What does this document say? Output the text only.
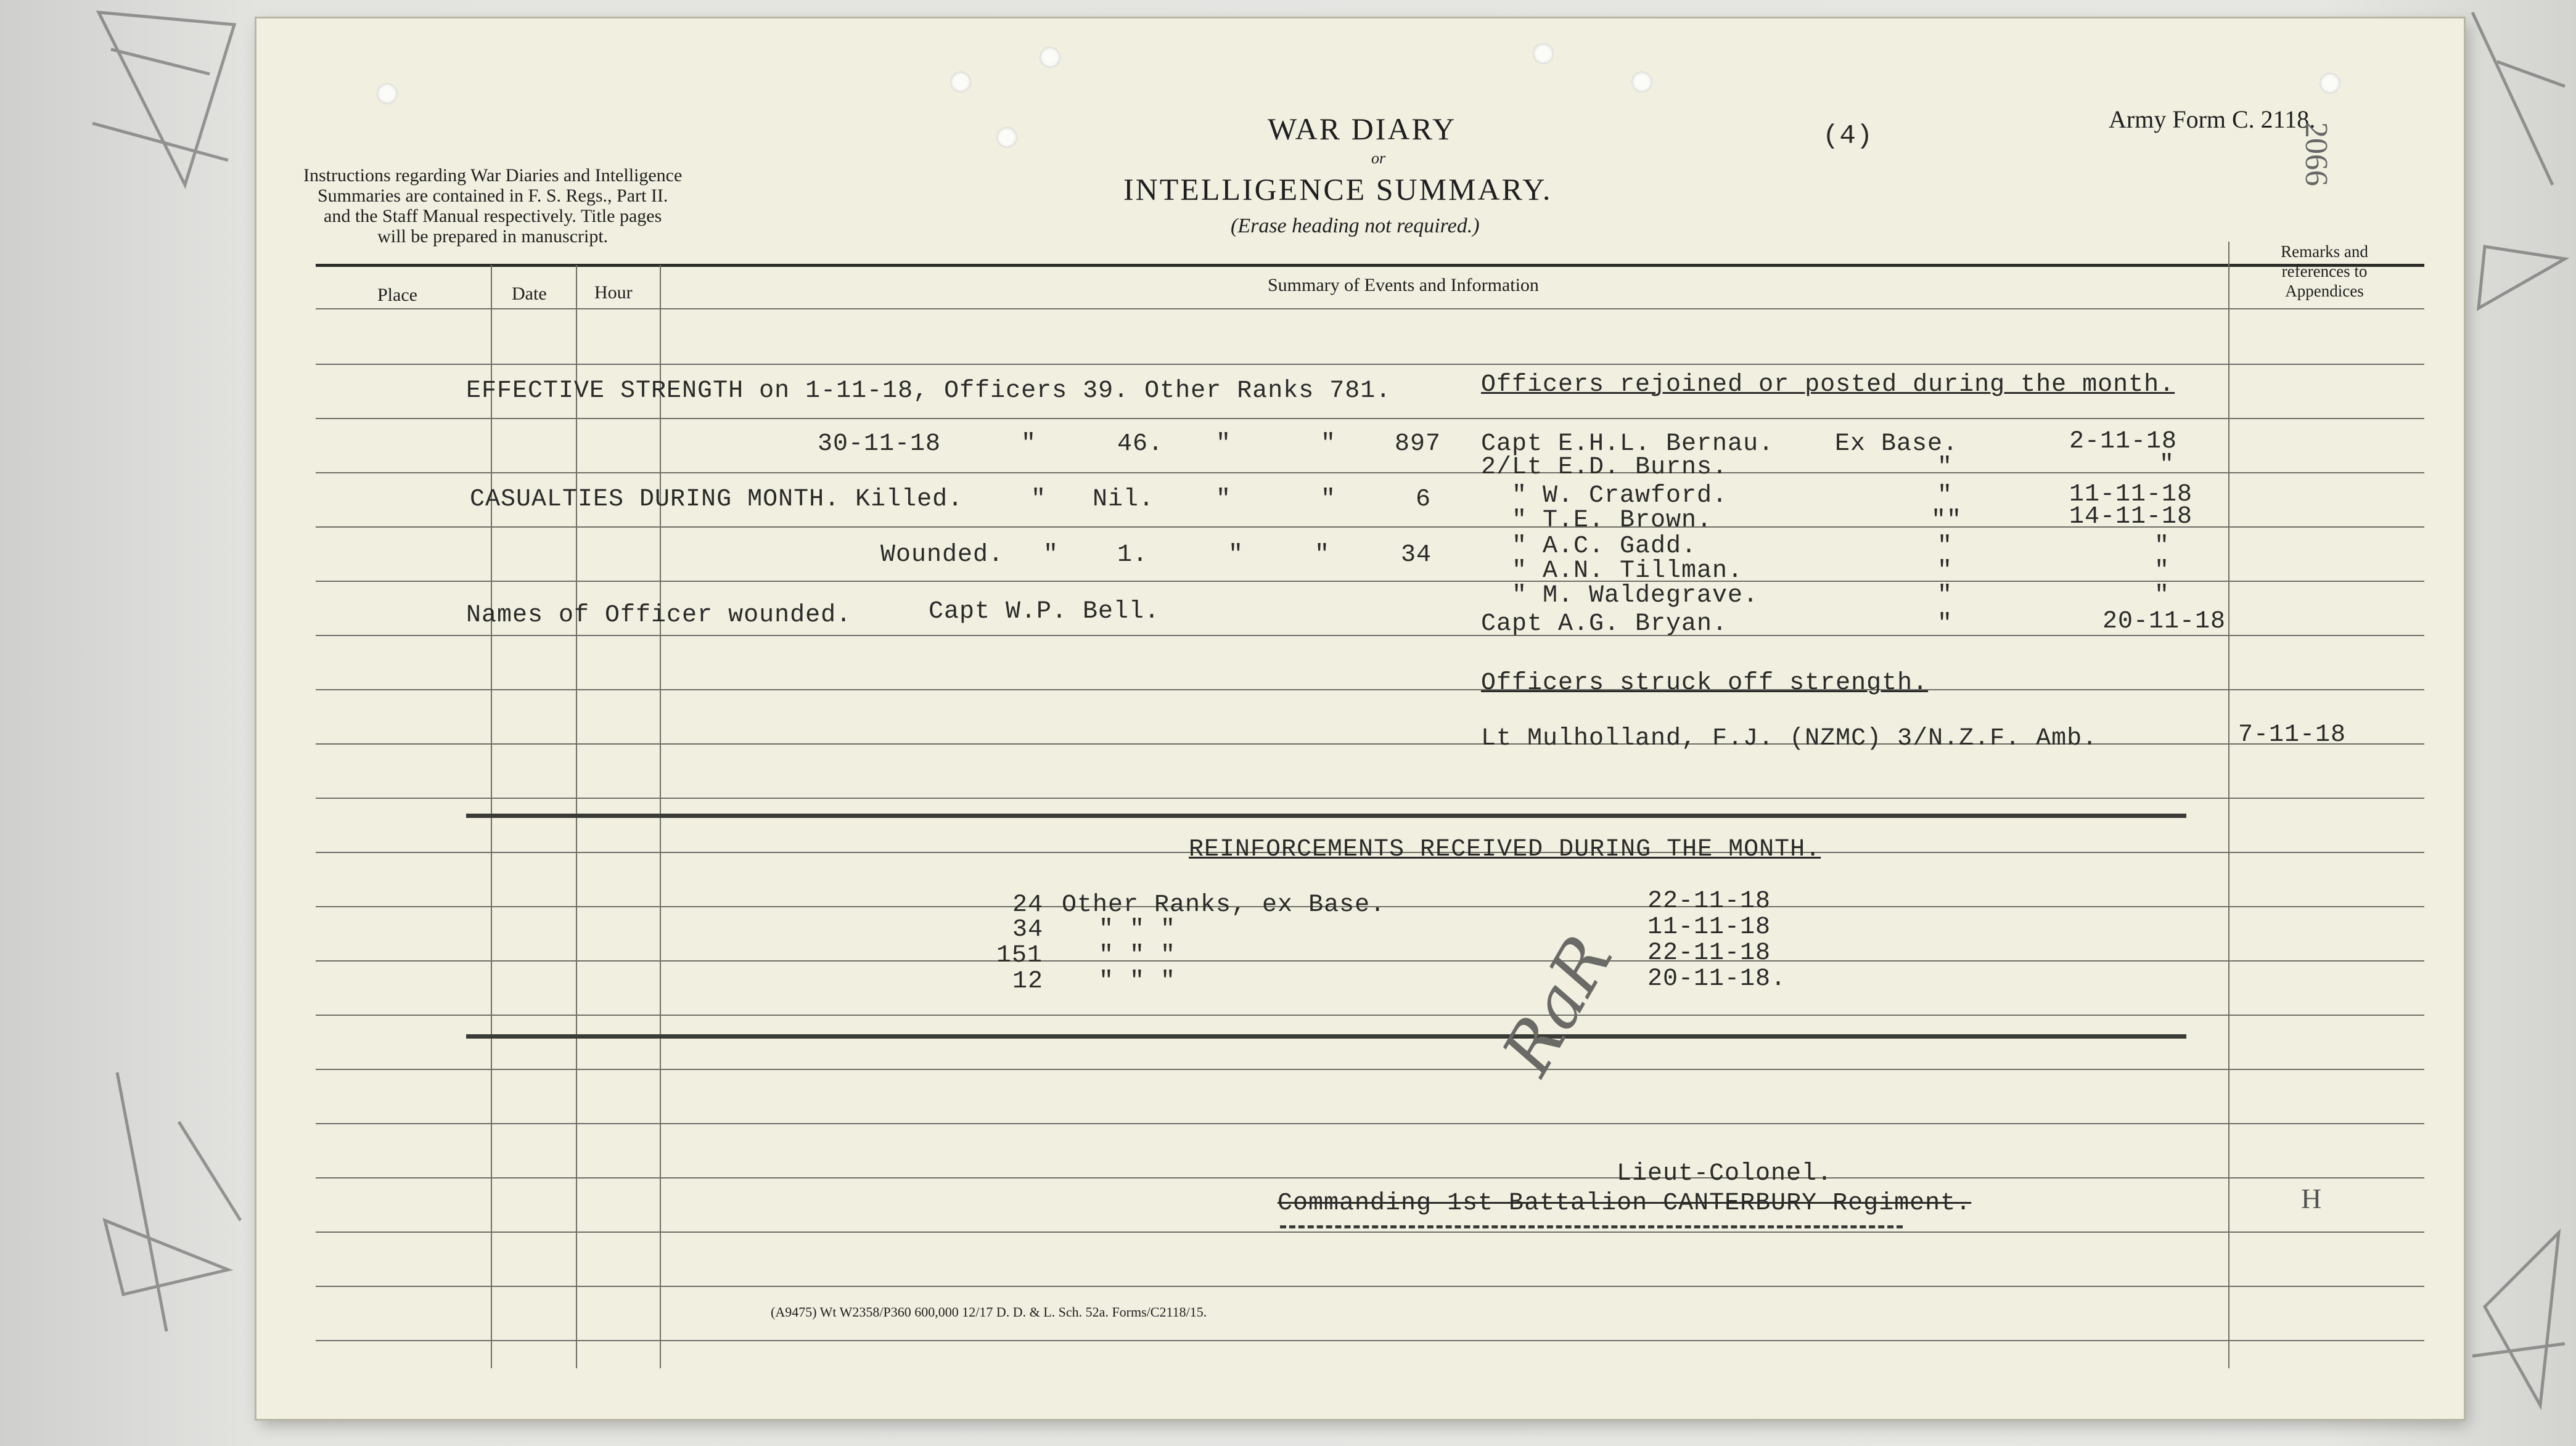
Instructions regarding War Diaries and Intelligence
Summaries are contained in F. S. Regs., Part II.
and the Staff Manual respectively. Title pages
will be prepared in manuscript.
WAR DIARY
or
INTELLIGENCE SUMMARY.
(Erase heading not required.)
(4)
Army Form C. 2118.
2066
Place	Date	Hour	Summary of Events and Information
Remarks and
references to
Appendices
EFFECTIVE STRENGTH on 1-11-18, Officers 39. Other Ranks 781.
30-11-18	"	46. "	" 897
CASUALTIES DURING MONTH. Killed.	" Nil. "	"	6
Wounded. " 1.	"	"	34
Names of Officer wounded.	Capt W.P. Bell.
Officers rejoined or posted during the month.
Capt E.H.L. Bernau. Ex Base.	2-11-18
2/Lt E.D. Burns.	"	"
" W. Crawford.	"	11-11-18
" T.E. Brown.	""	14-11-18
" A.C. Gadd.	"	"
" A.N. Tillman.	"	"
" M. Waldegrave.	"	"
Capt A.G. Bryan.	"	20-11-18
Officers struck off strength.
Lt Mulholland, F.J. (NZMC) 3/N.Z.F. Amb.	7-11-18
REINFORCEMENTS RECEIVED DURING THE MONTH.
24 Other Ranks, ex Base.	22-11-18
34 " " "	11-11-18
151 " " "	22-11-18
12 " " "	20-11-18.
RaR
Lieut-Colonel.
Commanding 1st Battalion CANTERBURY Regiment.	H
(A9475) Wt W2358/P360 600,000 12/17 D. D. & L. Sch. 52a. Forms/C2118/15.
